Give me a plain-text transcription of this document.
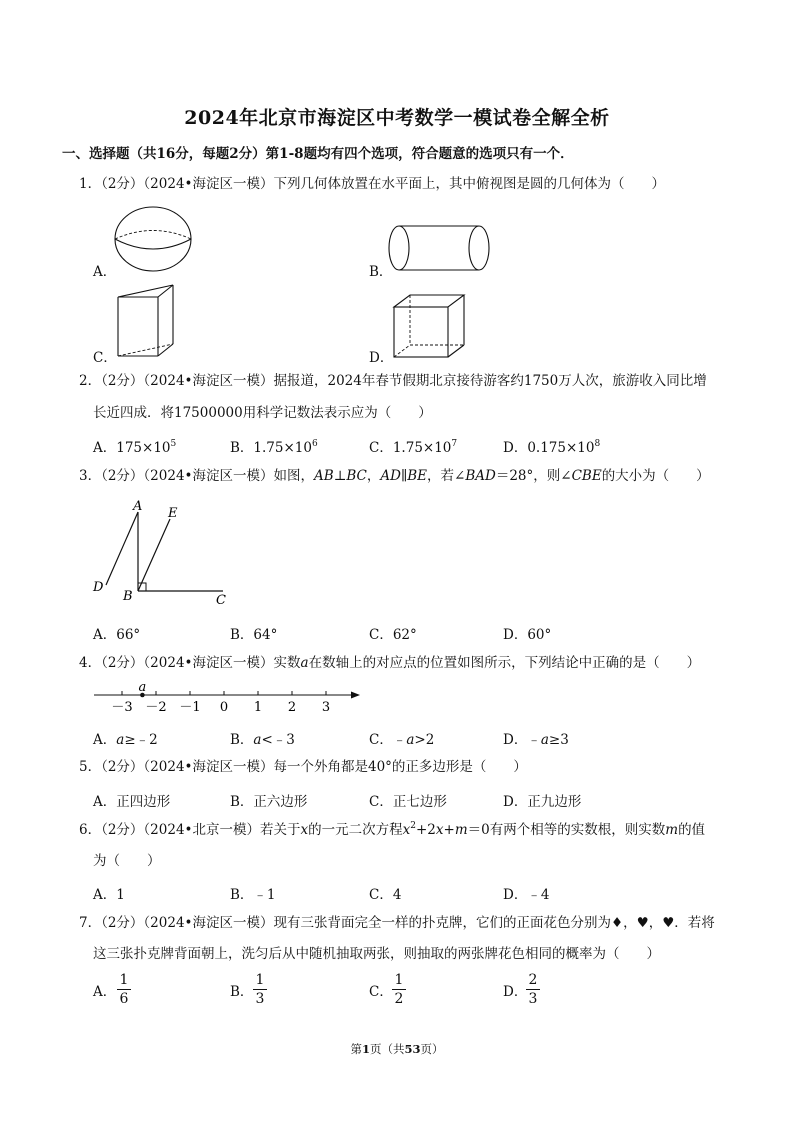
2024年北京市海淀区中考数学一模试卷全解全析
一、选择题（共16分，每题2分）第1-8题均有四个选项，符合题意的选项只有一个．
1．（2分）（2024•海淀区一模）下列几何体放置在水平面上，其中俯视图是圆的几何体为（　　）
A．	B．
C．	D．
2．（2分）（2024•海淀区一模）据报道，2024年春节假期北京接待游客约1750万人次，旅游收入同比增
长近四成．将17500000用科学记数法表示应为（　　）
A．$175\times 10^5$	B．$1.75\times 10^6$	C．$1.75\times 10^7$	D．$0.175\times 10^8$
3．（2分）（2024•海淀区一模）如图，AB⊥BC，AD∥BE，若∠BAD＝28°，则∠CBE的大小为（　　）
A E
D
B	C
A．66°	B．64°	C．62°	D．60°
4．（2分）（2024•海淀区一模）实数a在数轴上的对应点的位置如图所示，下列结论中正确的是（　　）
－3 －2 －1 0 1 2 3
a
A．a≥﹣2	B．a<﹣3	C．﹣a>2	D．﹣a≥3
5．（2分）（2024•海淀区一模）每一个外角都是40°的正多边形是（　　）
A．正四边形	B．正六边形	C．正七边形	D．正九边形
6．（2分）（2024•北京一模）若关于x的一元二次方程$x^2+2x+m=0$有两个相等的实数根，则实数m的值
为（　　）
A．1	B．﹣1	C．4	D．﹣4
7．（2分）（2024•海淀区一模）现有三张背面完全一样的扑克牌，它们的正面花色分别为♦，♥，♥．若将
这三张扑克牌背面朝上，洗匀后从中随机抽取两张，则抽取的两张牌花色相同的概率为（　　）
A． $\frac{1}{6}$	B． $\frac{1}{3}$	C． $\frac{1}{2}$	D．
$\frac{2}{3}$
第1页（共53页）
